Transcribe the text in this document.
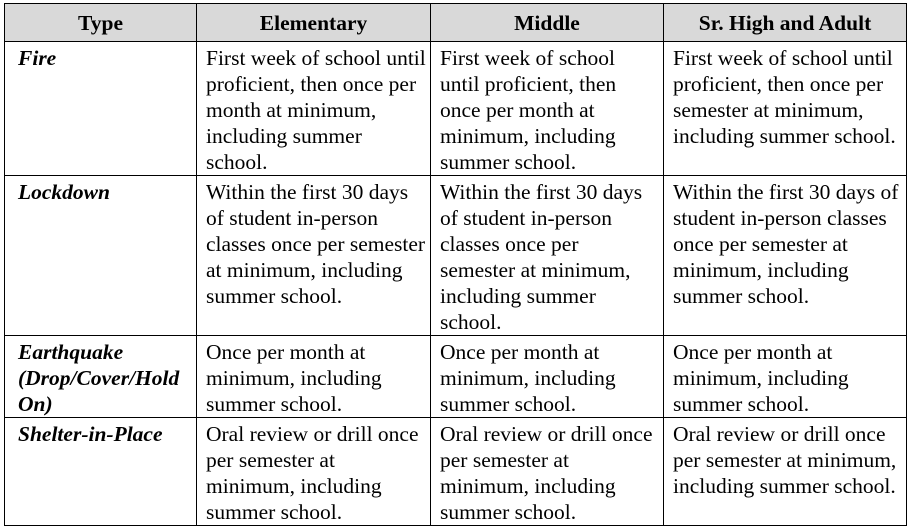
Type	Elementary	Middle	Sr. High and Adult
Fire	First week of school until proficient, then once per month at minimum, including summer school.	First week of school until proficient, then once per month at minimum, including summer school.	First week of school until proficient, then once per semester at minimum, including summer school.
Lockdown	Within the first 30 days of student in-person classes once per semester at minimum, including summer school.	Within the first 30 days of student in-person classes once per semester at minimum, including summer school.	Within the first 30 days of student in-person classes once per semester at minimum, including summer school.
Earthquake (Drop/Cover/Hold On)	Once per month at minimum, including summer school.	Once per month at minimum, including summer school.	Once per month at minimum, including summer school.
Shelter-in-Place	Oral review or drill once per semester at minimum, including summer school.	Oral review or drill once per semester at minimum, including summer school.	Oral review or drill once per semester at minimum, including summer school.
